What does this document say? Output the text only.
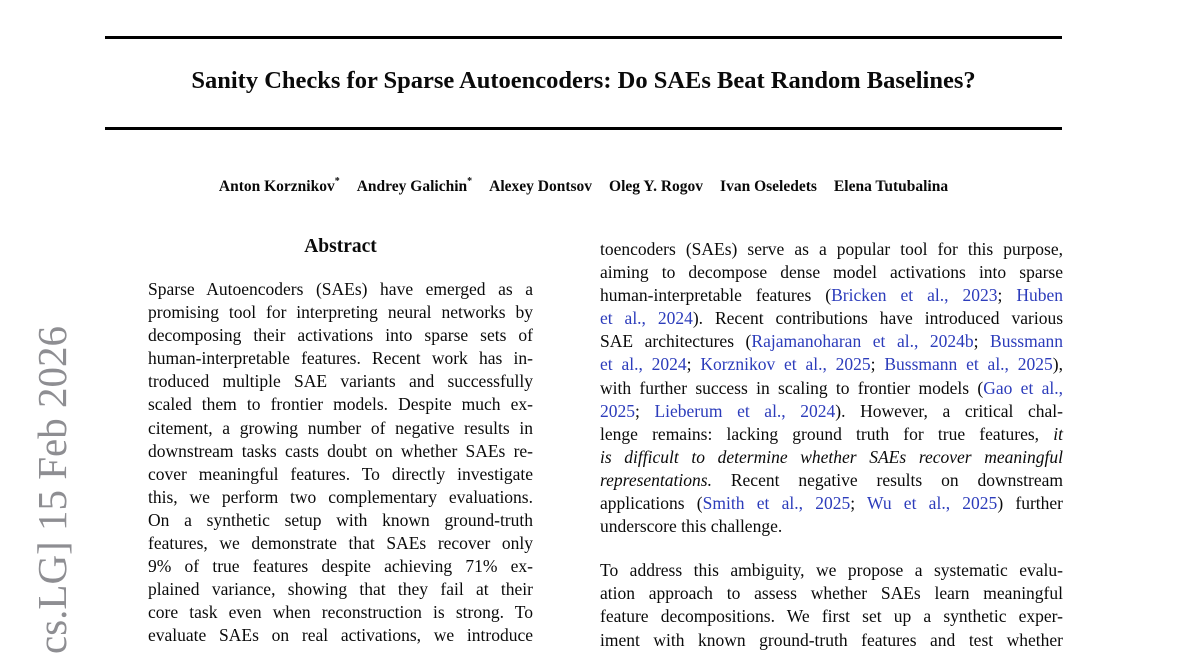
Sanity Checks for Sparse Autoencoders: Do SAEs Beat Random Baselines?
Anton Korznikov* Andrey Galichin* Alexey Dontsov Oleg Y. Rogov Ivan Oseledets Elena Tutubalina
Abstract
Sparse Autoencoders (SAEs) have emerged as a
promising tool for interpreting neural networks by
decomposing their activations into sparse sets of
human-interpretable features. Recent work has in-
troduced multiple SAE variants and successfully
scaled them to frontier models. Despite much ex-
citement, a growing number of negative results in
downstream tasks casts doubt on whether SAEs re-
cover meaningful features. To directly investigate
this, we perform two complementary evaluations.
On a synthetic setup with known ground-truth
features, we demonstrate that SAEs recover only
9% of true features despite achieving 71% ex-
plained variance, showing that they fail at their
core task even when reconstruction is strong. To
evaluate SAEs on real activations, we introduce
toencoders (SAEs) serve as a popular tool for this purpose,
aiming to decompose dense model activations into sparse
human-interpretable features (Bricken et al., 2023; Huben
et al., 2024). Recent contributions have introduced various
SAE architectures (Rajamanoharan et al., 2024b; Bussmann
et al., 2024; Korznikov et al., 2025; Bussmann et al., 2025),
with further success in scaling to frontier models (Gao et al.,
2025; Lieberum et al., 2024). However, a critical chal-
lenge remains: lacking ground truth for true features, it
is difficult to determine whether SAEs recover meaningful
representations. Recent negative results on downstream
applications (Smith et al., 2025; Wu et al., 2025) further
underscore this challenge.
To address this ambiguity, we propose a systematic evalu-
ation approach to assess whether SAEs learn meaningful
feature decompositions. We first set up a synthetic exper-
iment with known ground-truth features and test whether
cs.LG] 15 Feb 2026
